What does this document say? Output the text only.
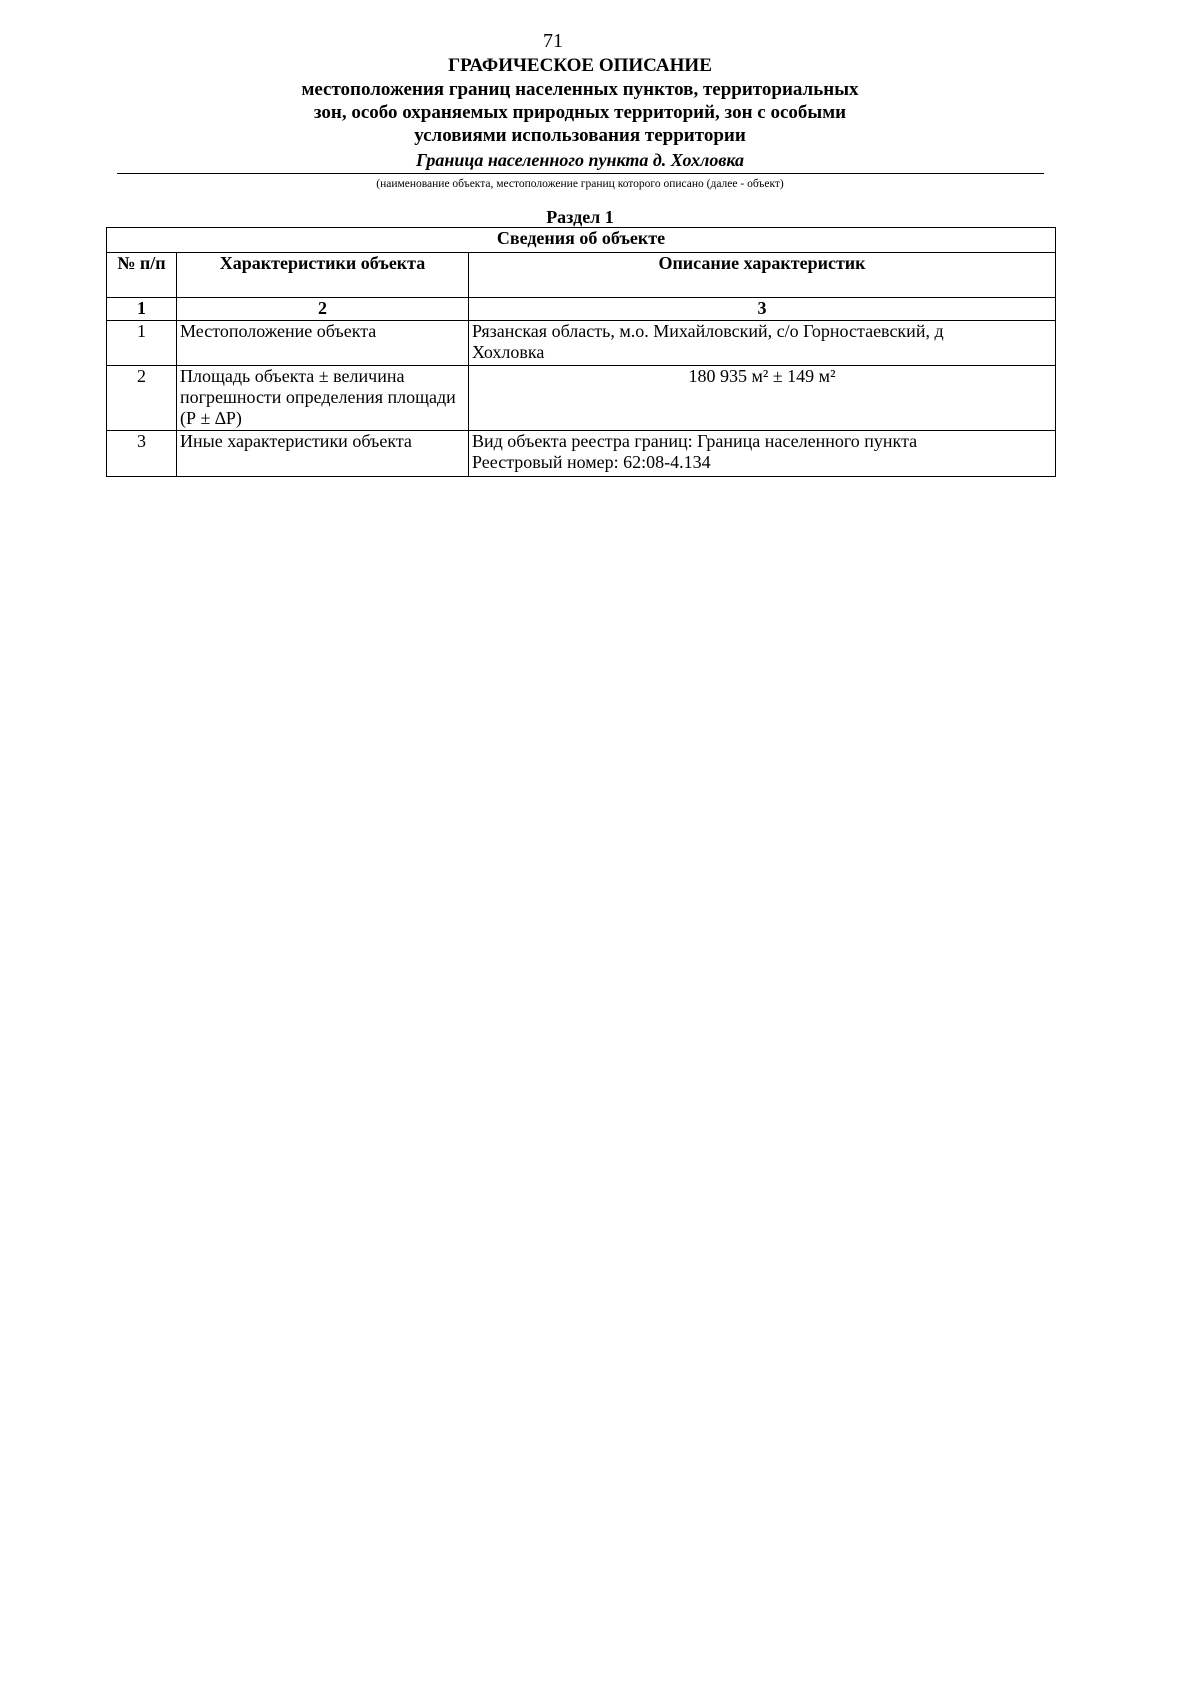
71
ГРАФИЧЕСКОЕ ОПИСАНИЕ
местоположения границ населенных пунктов, территориальных
зон, особо охраняемых природных территорий, зон с особыми
условиями использования территории
Граница населенного пункта д. Хохловка
(наименование объекта, местоположение границ которого описано (далее - объект)
Раздел 1
Сведения об объекте		
№ п/п	Характеристики объекта	Описание характеристик
1	2	3
1	Местоположение объекта	Рязанская область, м.о. Михайловский, с/о Горностаевский, д
Хохловка

2	Площадь объекта ± величина
погрешности определения площади
(Р ± ∆Р)	180 935 м² ± 149 м²
3	Иные характеристики объекта	Вид объекта реестра границ: Граница населенного пункта
Реестровый номер: 62:08-4.134
